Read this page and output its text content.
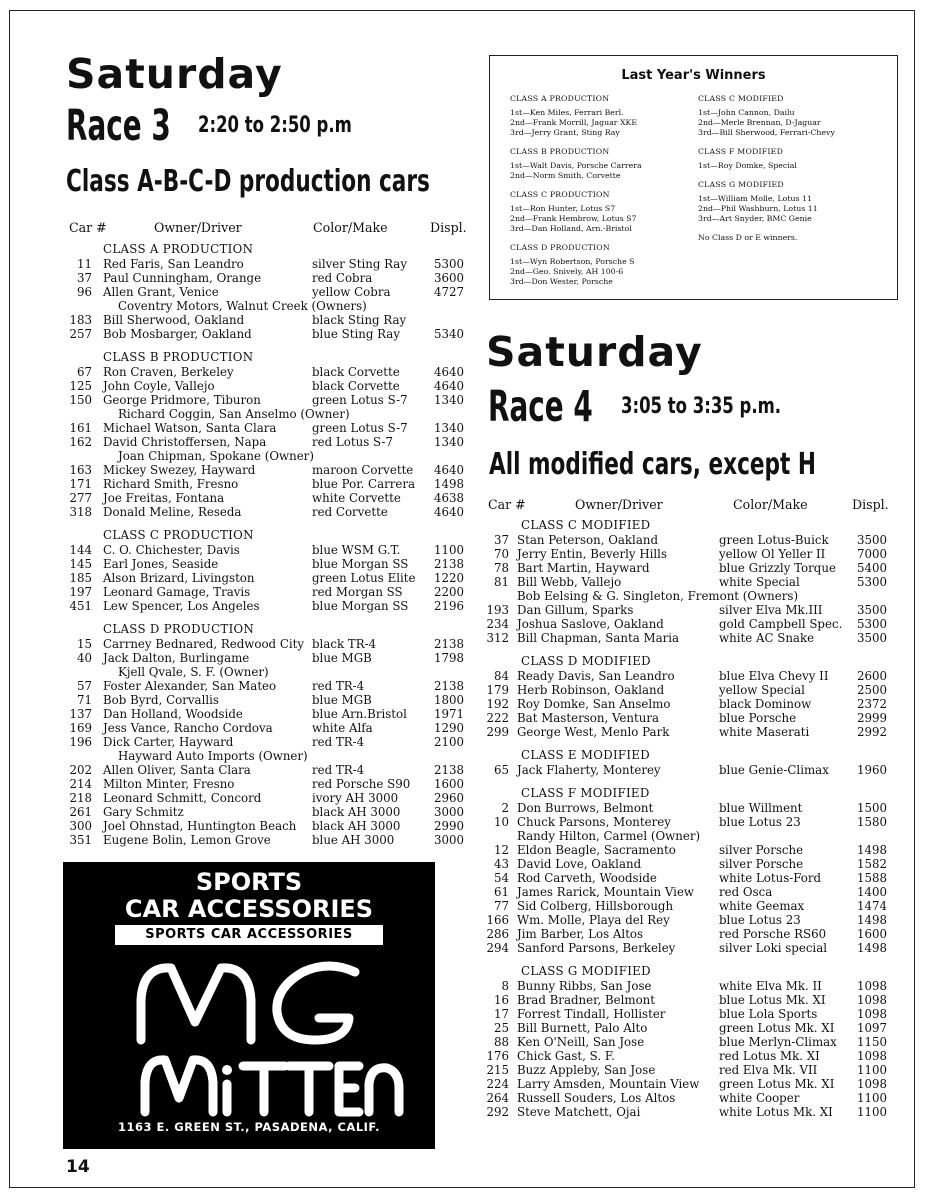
Saturday
Race 3 2:20 to 2:50 p.m
Class A-B-C-D production cars
Car #	Owner/Driver	Color/Make	Displ.
CLASS A PRODUCTION
11 Red Faris, San Leandro	silver Sting Ray 5300
37 Paul Cunningham, Orange	red Cobra	3600
96 Allen Grant, Venice	yellow Cobra	4727
Coventry Motors, Walnut Creek (Owners)
183 Bill Sherwood, Oakland	black Sting Ray
257 Bob Mosbarger, Oakland	blue Sting Ray	5340
CLASS B PRODUCTION
67 Ron Craven, Berkeley	black Corvette	4640
125 John Coyle, Vallejo	black Corvette	4640
150 George Pridmore, Tiburon	green Lotus S-7 1340
Richard Coggin, San Anselmo (Owner)
161 Michael Watson, Santa Clara	green Lotus S-7 1340
162 David Christoffersen, Napa	red Lotus S-7	1340
Joan Chipman, Spokane (Owner)
163 Mickey Swezey, Hayward	maroon Corvette 4640
171 Richard Smith, Fresno	blue Por. Carrera 1498
277 Joe Freitas, Fontana	white Corvette	4638
318 Donald Meline, Reseda	red Corvette	4640
CLASS C PRODUCTION
144 C. O. Chichester, Davis	blue WSM G.T.	1100
145 Earl Jones, Seaside	blue Morgan SS 2138
185 Alson Brizard, Livingston	green Lotus Elite 1220
197 Leonard Gamage, Travis	red Morgan SS	2200
451 Lew Spencer, Los Angeles	blue Morgan SS 2196
CLASS D PRODUCTION
15 Carrney Bednared, Redwood City black TR-4	2138
40 Jack Dalton, Burlingame	blue MGB	1798
Kjell Qvale, S. F. (Owner)
57 Foster Alexander, San Mateo	red TR-4	2138
71 Bob Byrd, Corvallis	blue MGB	1800
137 Dan Holland, Woodside	blue Arn.Bristol 1971
169 Jess Vance, Rancho Cordova	white Alfa	1290
196 Dick Carter, Hayward	red TR-4	2100
Hayward Auto Imports (Owner)
202 Allen Oliver, Santa Clara	red TR-4	2138
214 Milton Minter, Fresno	red Porsche S90 1600
218 Leonard Schmitt, Concord	ivory AH 3000	2960
261 Gary Schmitz	black AH 3000	3000
300 Joel Ohnstad, Huntington Beach black AH 3000	2990
351 Eugene Bolin, Lemon Grove	blue AH 3000	3000
Last Year's Winners
CLASS A PRODUCTION
1st—Ken Miles, Ferrari Berl.
2nd—Frank Morrill, Jaguar XKE
3rd—Jerry Grant, Sting Ray
CLASS B PRODUCTION
1st—Walt Davis, Porsche Carrera
2nd—Norm Smith, Corvette
CLASS C PRODUCTION
1st—Ron Hunter, Lotus S7
2nd—Frank Hembrow, Lotus S7
3rd—Dan Holland, Arn.-Bristol
CLASS D PRODUCTION
1st—Wyn Robertson, Porsche S
2nd—Geo. Snively, AH 100-6
3rd—Don Wester, Porsche
CLASS C MODIFIED
1st—John Cannon, Dailu
2nd—Merle Brennan, D-Jaguar
3rd—Bill Sherwood, Ferrari-Chevy
CLASS F MODIFIED
1st—Roy Domke, Special
CLASS G MODIFIED
1st—William Molle, Lotus 11
2nd—Phil Washburn, Lotus 11
3rd—Art Snyder, BMC Genie
No Class D or E winners.
Saturday
Race 4 3:05 to 3:35 p.m.
All modified cars, except H
Car #	Owner/Driver	Color/Make	Displ.
CLASS C MODIFIED
37 Stan Peterson, Oakland	green Lotus-Buick 3500
70 Jerry Entin, Beverly Hills	yellow Ol Yeller II	7000
78 Bart Martin, Hayward	blue Grizzly Torque 5400
81 Bill Webb, Vallejo	white Special	5300
Bob Eelsing & G. Singleton, Fremont (Owners)
193 Dan Gillum, Sparks	silver Elva Mk.III	3500
234 Joshua Saslove, Oakland	gold Campbell Spec. 5300
312 Bill Chapman, Santa Maria	white AC Snake	3500
CLASS D MODIFIED
84 Ready Davis, San Leandro	blue Elva Chevy II 2600
179 Herb Robinson, Oakland	yellow Special	2500
192 Roy Domke, San Anselmo	black Dominow	2372
222 Bat Masterson, Ventura	blue Porsche	2999
299 George West, Menlo Park	white Maserati	2992
CLASS E MODIFIED
65 Jack Flaherty, Monterey	blue Genie-Climax 1960
CLASS F MODIFIED
2 Don Burrows, Belmont	blue Willment	1500
10 Chuck Parsons, Monterey	blue Lotus 23	1580
Randy Hilton, Carmel (Owner)
12 Eldon Beagle, Sacramento	silver Porsche	1498
43 David Love, Oakland	silver Porsche	1582
54 Rod Carveth, Woodside	white Lotus-Ford	1588
61 James Rarick, Mountain View red Osca	1400
77 Sid Colberg, Hillsborough	white Geemax	1474
166 Wm. Molle, Playa del Rey	blue Lotus 23	1498
286 Jim Barber, Los Altos	red Porsche RS60	1600
294 Sanford Parsons, Berkeley	silver Loki special	1498
CLASS G MODIFIED
8 Bunny Ribbs, San Jose	white Elva Mk. II	1098
16 Brad Bradner, Belmont	blue Lotus Mk. XI	1098
17 Forrest Tindall, Hollister	blue Lola Sports	1098
25 Bill Burnett, Palo Alto	green Lotus Mk. XI 1097
88 Ken O'Neill, San Jose	blue Merlyn-Climax 1150
176 Chick Gast, S. F.	red Lotus Mk. XI	1098
215 Buzz Appleby, San Jose	red Elva Mk. VII	1100
224 Larry Amsden, Mountain View green Lotus Mk. XI 1098
264 Russell Souders, Los Altos	white Cooper	1100
292 Steve Matchett, Ojai	white Lotus Mk. XI 1100
SPORTS
CAR ACCESSORIES
SPORTS CAR ACCESSORIES
1163 E. GREEN ST., PASADENA, CALIF.
14
